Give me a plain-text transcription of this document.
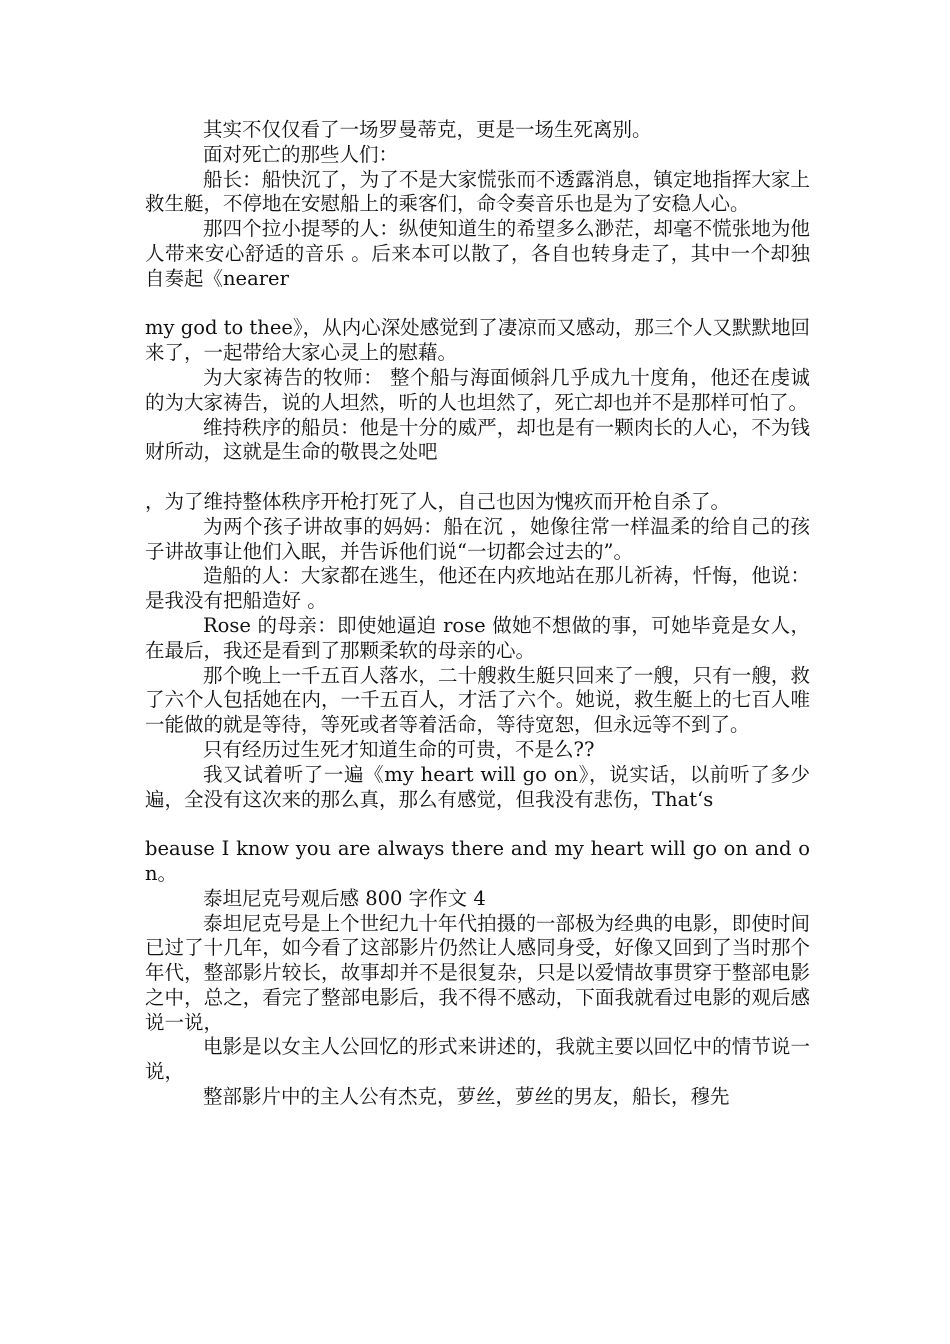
其实不仅仅看了一场罗曼蒂克，更是一场生死离别。

面对死亡的那些人们：

船长：船快沉了，为了不是大家慌张而不透露消息，镇定地指挥大家上救生艇，不停地在安慰船上的乘客们，命令奏音乐也是为了安稳人心。

那四个拉小提琴的人：纵使知道生的希望多么渺茫，却毫不慌张地为他人带来安心舒适的音乐 。后来本可以散了，各自也转身走了，其中一个却独自奏起《nearer

my god to thee》，从内心深处感觉到了凄凉而又感动，那三个人又默默地回来了，一起带给大家心灵上的慰藉。

为大家祷告的牧师： 整个船与海面倾斜几乎成九十度角，他还在虔诚的为大家祷告，说的人坦然，听的人也坦然了，死亡却也并不是那样可怕了。

维持秩序的船员：他是十分的威严，却也是有一颗肉长的人心，不为钱财所动，这就是生命的敬畏之处吧

，为了维持整体秩序开枪打死了人，自己也因为愧疚而开枪自杀了。

为两个孩子讲故事的妈妈：船在沉 ，她像往常一样温柔的给自己的孩子讲故事让他们入眠，并告诉他们说“一切都会过去的”。

造船的人：大家都在逃生，他还在内疚地站在那儿祈祷，忏悔，他说：是我没有把船造好 。

Rose 的母亲：即使她逼迫 rose 做她不想做的事，可她毕竟是女人，在最后，我还是看到了那颗柔软的母亲的心。

那个晚上一千五百人落水，二十艘救生艇只回来了一艘，只有一艘，救了六个人包括她在内，一千五百人，才活了六个。她说，救生艇上的七百人唯一能做的就是等待，等死或者等着活命，等待宽恕，但永远等不到了。

只有经历过生死才知道生命的可贵，不是么??

我又试着听了一遍《my heart will go on》，说实话，以前听了多少遍，全没有这次来的那么真，那么有感觉，但我没有悲伤，That‘s

beause I know you are always there and my heart will go on and on。

泰坦尼克号观后感 800 字作文 4

泰坦尼克号是上个世纪九十年代拍摄的一部极为经典的电影，即使时间已过了十几年，如今看了这部影片仍然让人感同身受，好像又回到了当时那个年代，整部影片较长，故事却并不是很复杂，只是以爱情故事贯穿于整部电影之中，总之，看完了整部电影后，我不得不感动，下面我就看过电影的观后感说一说，

电影是以女主人公回忆的形式来讲述的，我就主要以回忆中的情节说一说，

整部影片中的主人公有杰克，萝丝，萝丝的男友，船长，穆先
